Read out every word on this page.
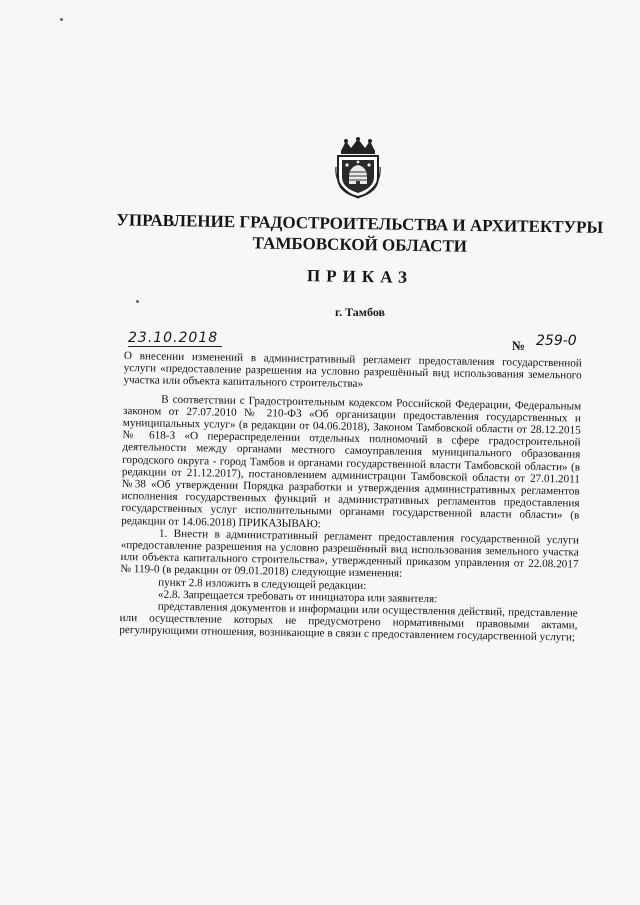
УПРАВЛЕНИЕ ГРАДОСТРОИТЕЛЬСТВА И АРХИТЕКТУРЫ
ТАМБОВСКОЙ ОБЛАСТИ
ПРИКАЗ
г. Тамбов
23.10.2018	№ 259-0

О внесении изменений в административный регламент предоставления государственной услуги «предоставление разрешения на условно разрешённый вид использования земельного участка или объекта капитального строительства»

В соответствии с Градостроительным кодексом Российской Федерации, Федеральным законом от 27.07.2010 № 210-ФЗ «Об организации предоставления государственных и муниципальных услуг» (в редакции от 04.06.2018), Законом Тамбовской области от 28.12.2015 № 618-З «О перераспределении отдельных полномочий в сфере градостроительной деятельности между органами местного самоуправления муниципального образования городского округа - город Тамбов и органами государственной власти Тамбовской области» (в редакции от 21.12.2017), постановлением администрации Тамбовской области от 27.01.2011 №38 «Об утверждении Порядка разработки и утверждения административных регламентов исполнения государственных функций и административных регламентов предоставления государственных услуг исполнительными органами государственной власти области» (в редакции от 14.06.2018) ПРИКАЗЫВАЮ:

1. Внести в административный регламент предоставления государственной услуги «предоставление разрешения на условно разрешённый вид использования земельного участка или объекта капитального строительства», утвержденный приказом управления от 22.08.2017 № 119-0 (в редакции от 09.01.2018) следующие изменения:

пункт 2.8 изложить в следующей редакции:

«2.8. Запрещается требовать от инициатора или заявителя:

представления документов и информации или осуществления действий, представление или осуществление которых не предусмотрено нормативными правовыми актами, регулирующими отношения, возникающие в связи с предоставлением государственной услуги;
